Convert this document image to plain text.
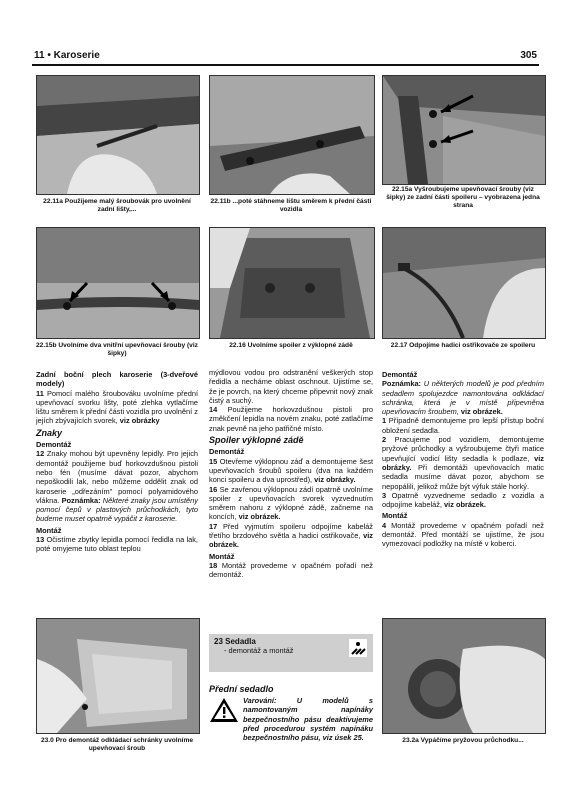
11 • Karoserie	305
22.11a Použijeme malý šroubovák pro uvolnění zadní lišty,...
22.11b ...poté stáhneme lištu směrem k přední části vozidla
22.15a Vyšroubujeme upevňovací šrouby (viz šipky) ze zadní části spoileru – vyobrazena jedna strana
22.15b Uvolníme dva vnitřní upevňovací šrouby (viz šipky)
22.16 Uvolníme spoiler z výklopné zádě	22.17 Odpojíme hadici ostřikovače ze spoileru

Zadní boční plech karoserie (3-dveřové modely)

11 Pomocí malého šroubováku uvolníme přední upevňovací svorku lišty, poté zlehka vytlačíme lištu směrem k přední části vozidla pro uvolnění z jejích zbývajících svorek, viz obrázky

Znaky

Demontáž

12 Znaky mohou být upevněny lepidly. Pro jejich demontáž použijeme buď horkovzdušnou pistoli nebo fén (musíme dávat pozor, abychom nepoškodili lak, nebo můžeme oddělit znak od karoserie „odřezáním" pomocí polyamidového vlákna. Poznámka: Některé znaky jsou umístěny pomocí čepů v plastových průchodkách, tyto budeme muset opatrně vypáčit z karoserie.

Montáž

13 Očistíme zbytky lepidla pomocí ředidla na lak, poté omyjeme tuto oblast teplou

mýdlovou vodou pro odstranění veškerých stop ředidla a necháme oblast oschnout. Ujistíme se, že je povrch, na který chceme připevnit nový znak čistý a suchý.

14 Použijeme horkovzdušnou pistoli pro změkčení lepidla na novém znaku, poté zatlačíme znak pevně na jeho patřičné místo.

Spoiler výklopné zádě

Demontáž

15 Otevřeme výklopnou záď a demontujeme šest upevňovacích šroubů spoileru (dva na každém konci spoileru a dva uprostřed), viz obrázky.

16 Se zavřenou výklopnou zádí opatrně uvolníme spoiler z upevňovacích svorek vyzvednutím směrem nahoru z výklopné zádě, začneme na koncích, viz obrázek.

17 Před vyjmutím spoileru odpojíme kabeláž třetího brzdového světla a hadici ostřikovače, viz obrázek.

Montáž

18 Montáž provedeme v opačném pořadí než demontáž.

23 Sedadla
- demontáž a montáž

Přední sedadlo

Varování: U modelů s namontovaným napínáky bezpečnostního pásu deaktivujeme před procedurou systém napínáku bezpečnostního pásu, viz úsek 25.

Demontáž

Poznámka: U některých modelů je pod předním sedadlem spolujezdce namontována odkládací schránka, která je v místě připevněna upevňovacím šroubem, viz obrázek.

1 Případně demontujeme pro lepší přístup boční obložení sedadla.

2 Pracujeme pod vozidlem, demontujeme pryžové průchodky a vyšroubujeme čtyři matice upevňující vodicí lišty sedadla k podlaze, viz obrázky. Při demontáži upevňovacích matic sedadla musíme dávat pozor, abychom se nepopálili, jelikož může být výfuk stále horký.

3 Opatrně vyzvedneme sedadlo z vozidla a odpojíme kabeláž, viz obrázek.

Montáž

4 Montáž provedeme v opačném pořadí než demontáž. Před montáží se ujistíme, že jsou vymezovací podložky na místě v koberci.

23.0 Pro demontáž odkládací schránky uvolníme upevňovací šroub
23.2a Vypáčíme pryžovou průchodku...
